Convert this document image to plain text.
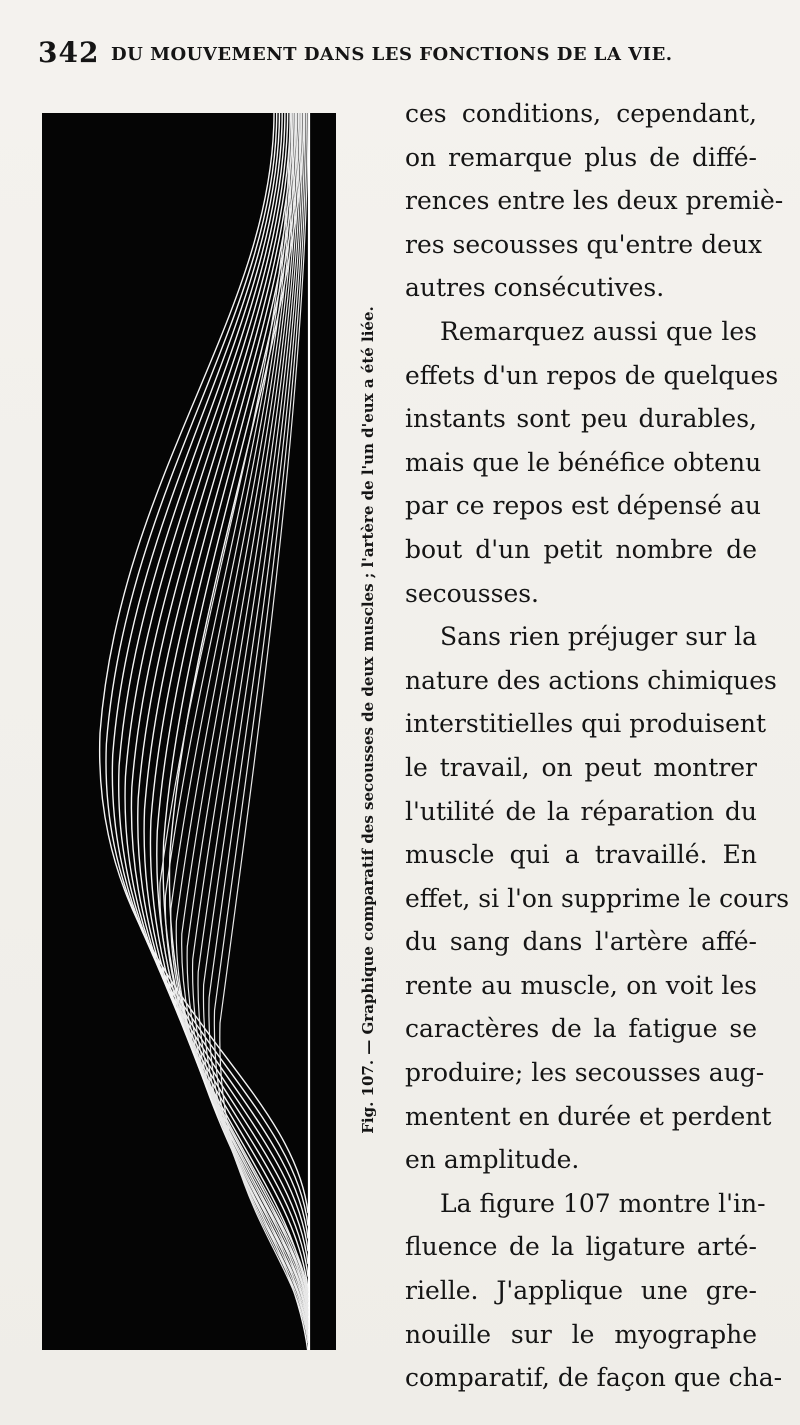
342 DU MOUVEMENT DANS LES FONCTIONS DE LA VIE.
Fig. 107. — Graphique comparatif des secousses de deux muscles ; l'artère de l'un d'eux a été liée.
ces conditions, cependant,
on remarque plus de diffé-
rences entre les deux premiè-
res secousses qu'entre deux
autres consécutives.
Remarquez aussi que les
effets d'un repos de quelques
instants sont peu durables,
mais que le bénéfice obtenu
par ce repos est dépensé au
bout d'un petit nombre de
secousses.
Sans rien préjuger sur la
nature des actions chimiques
interstitielles qui produisent
le travail, on peut montrer
l'utilité de la réparation du
muscle qui a travaillé. En
effet, si l'on supprime le cours
du sang dans l'artère affé-
rente au muscle, on voit les
caractères de la fatigue se
produire; les secousses aug-
mentent en durée et perdent
en amplitude.
La figure 107 montre l'in-
fluence de la ligature arté-
rielle. J'applique une gre-
nouille sur le myographe
comparatif, de façon que cha-
